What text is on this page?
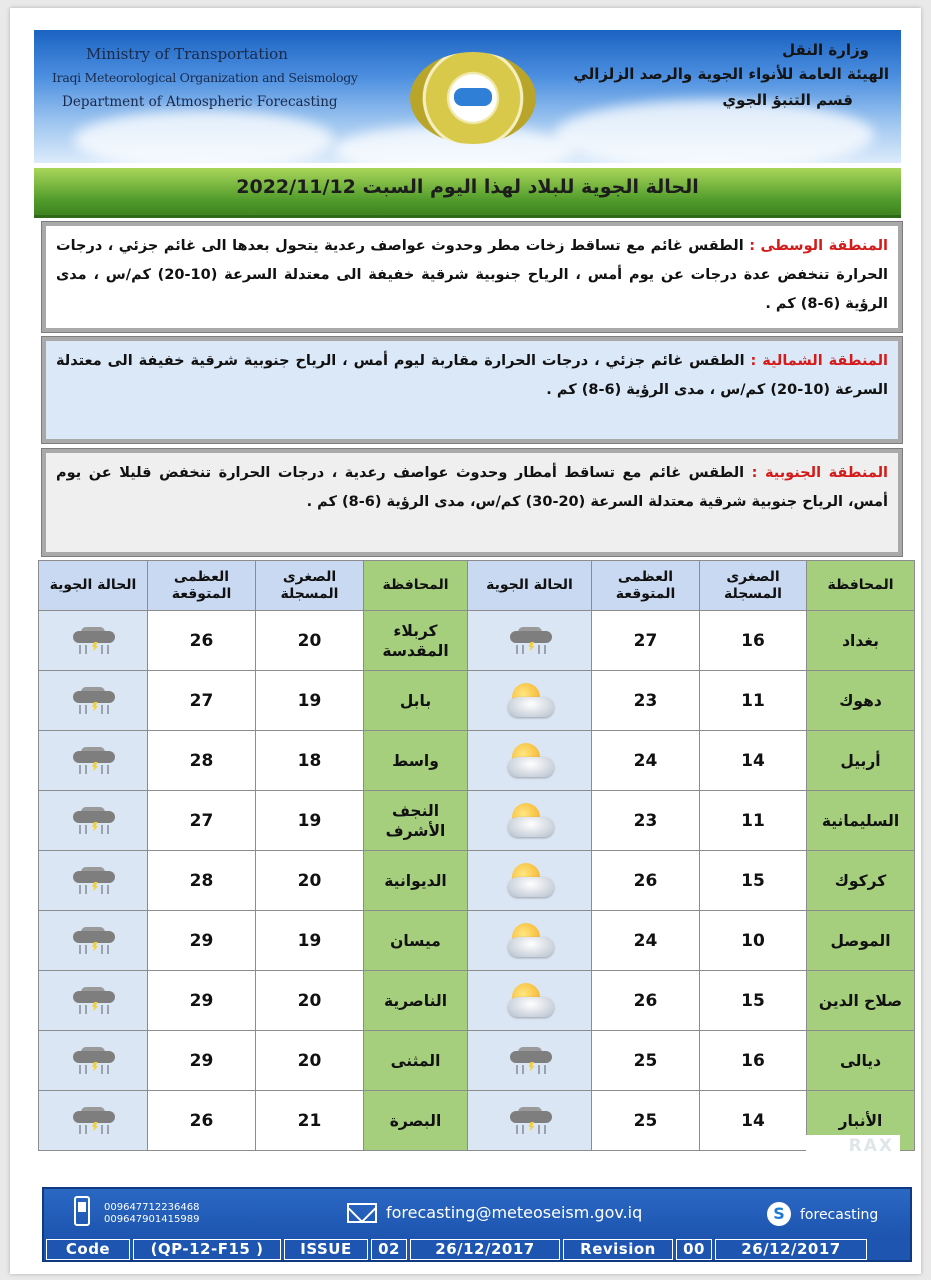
Ministry of Transportation
Iraqi Meteorological Organization and Seismology
Department of Atmospheric Forecasting
وزارة النقل
الهيئة العامة للأنواء الجوية والرصد الزلزالي
قسم التنبؤ الجوي
الحالة الجوية للبلاد لهذا اليوم السبت 2022/11/12
المنطقة الوسطى : الطقس غائم مع تساقط زخات مطر وحدوث عواصف رعدية يتحول بعدها الى غائم جزئي ، درجات الحرارة تنخفض عدة درجات عن يوم أمس ، الرياح جنوبية شرقية خفيفة الى معتدلة السرعة (10-20) كم/س ، مدى الرؤية (6-8) كم .
المنطقة الشمالية : الطقس غائم جزئي ، درجات الحرارة مقاربة ليوم أمس ، الرياح جنوبية شرقية خفيفة الى معتدلة السرعة (10-20) كم/س ، مدى الرؤية (6-8) كم .
المنطقة الجنوبية : الطقس غائم مع تساقط أمطار وحدوث عواصف رعدية ، درجات الحرارة تنخفض قليلا عن يوم أمس، الرياح جنوبية شرقية معتدلة السرعة (20-30) كم/س، مدى الرؤية (6-8) كم .
المحافظة	الصغرى المسجلة	العظمى المتوقعة	الحالة الجوية	المحافظة	الصغرى المسجلة	العظمى المتوقعة	الحالة الجوية
بغداد	16	27		كربلاء المقدسة	20	26	

دهوك	11	23		بابل	19	27	

أربيل	14	24		واسط	18	28	

السليمانية	11	23		النجف الأشرف	19	27	

كركوك	15	26		الديوانية	20	28	

الموصل	10	24		ميسان	19	29	

صلاح الدين	15	26		الناصرية	20	29	

ديالى	16	25		المثنى	20	29	

الأنبار	14	25		البصرة	21	26	
RAX
009647712236468
009647901415989	forecasting@meteoseism.gov.iq	S	forecasting
Code	(QP-12-F15 )	ISSUE	02	26/12/2017	Revision	00	26/12/2017
